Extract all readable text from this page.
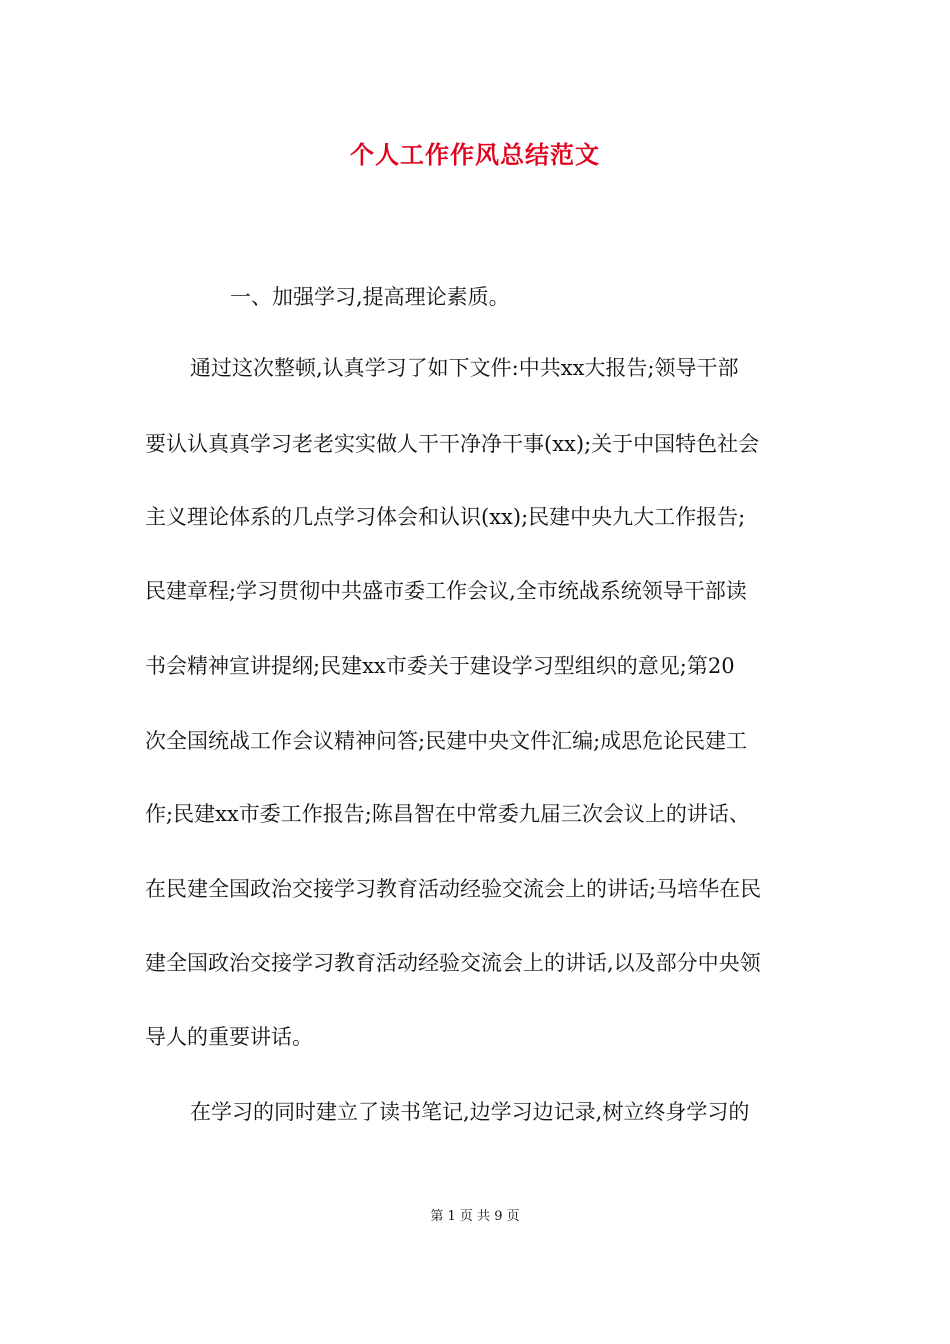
个人工作作风总结范文
一、加强学习,提高理论素质。
通过这次整顿,认真学习了如下文件:中共xx大报告;领导干部
要认认真真学习老老实实做人干干净净干事(xx);关于中国特色社会
主义理论体系的几点学习体会和认识(xx);民建中央九大工作报告;
民建章程;学习贯彻中共盛市委工作会议,全市统战系统领导干部读
书会精神宣讲提纲;民建xx市委关于建设学习型组织的意见;第20
次全国统战工作会议精神问答;民建中央文件汇编;成思危论民建工
作;民建xx市委工作报告;陈昌智在中常委九届三次会议上的讲话、
在民建全国政治交接学习教育活动经验交流会上的讲话;马培华在民
建全国政治交接学习教育活动经验交流会上的讲话,以及部分中央领
导人的重要讲话。
在学习的同时建立了读书笔记,边学习边记录,树立终身学习的
第 1 页 共 9 页
